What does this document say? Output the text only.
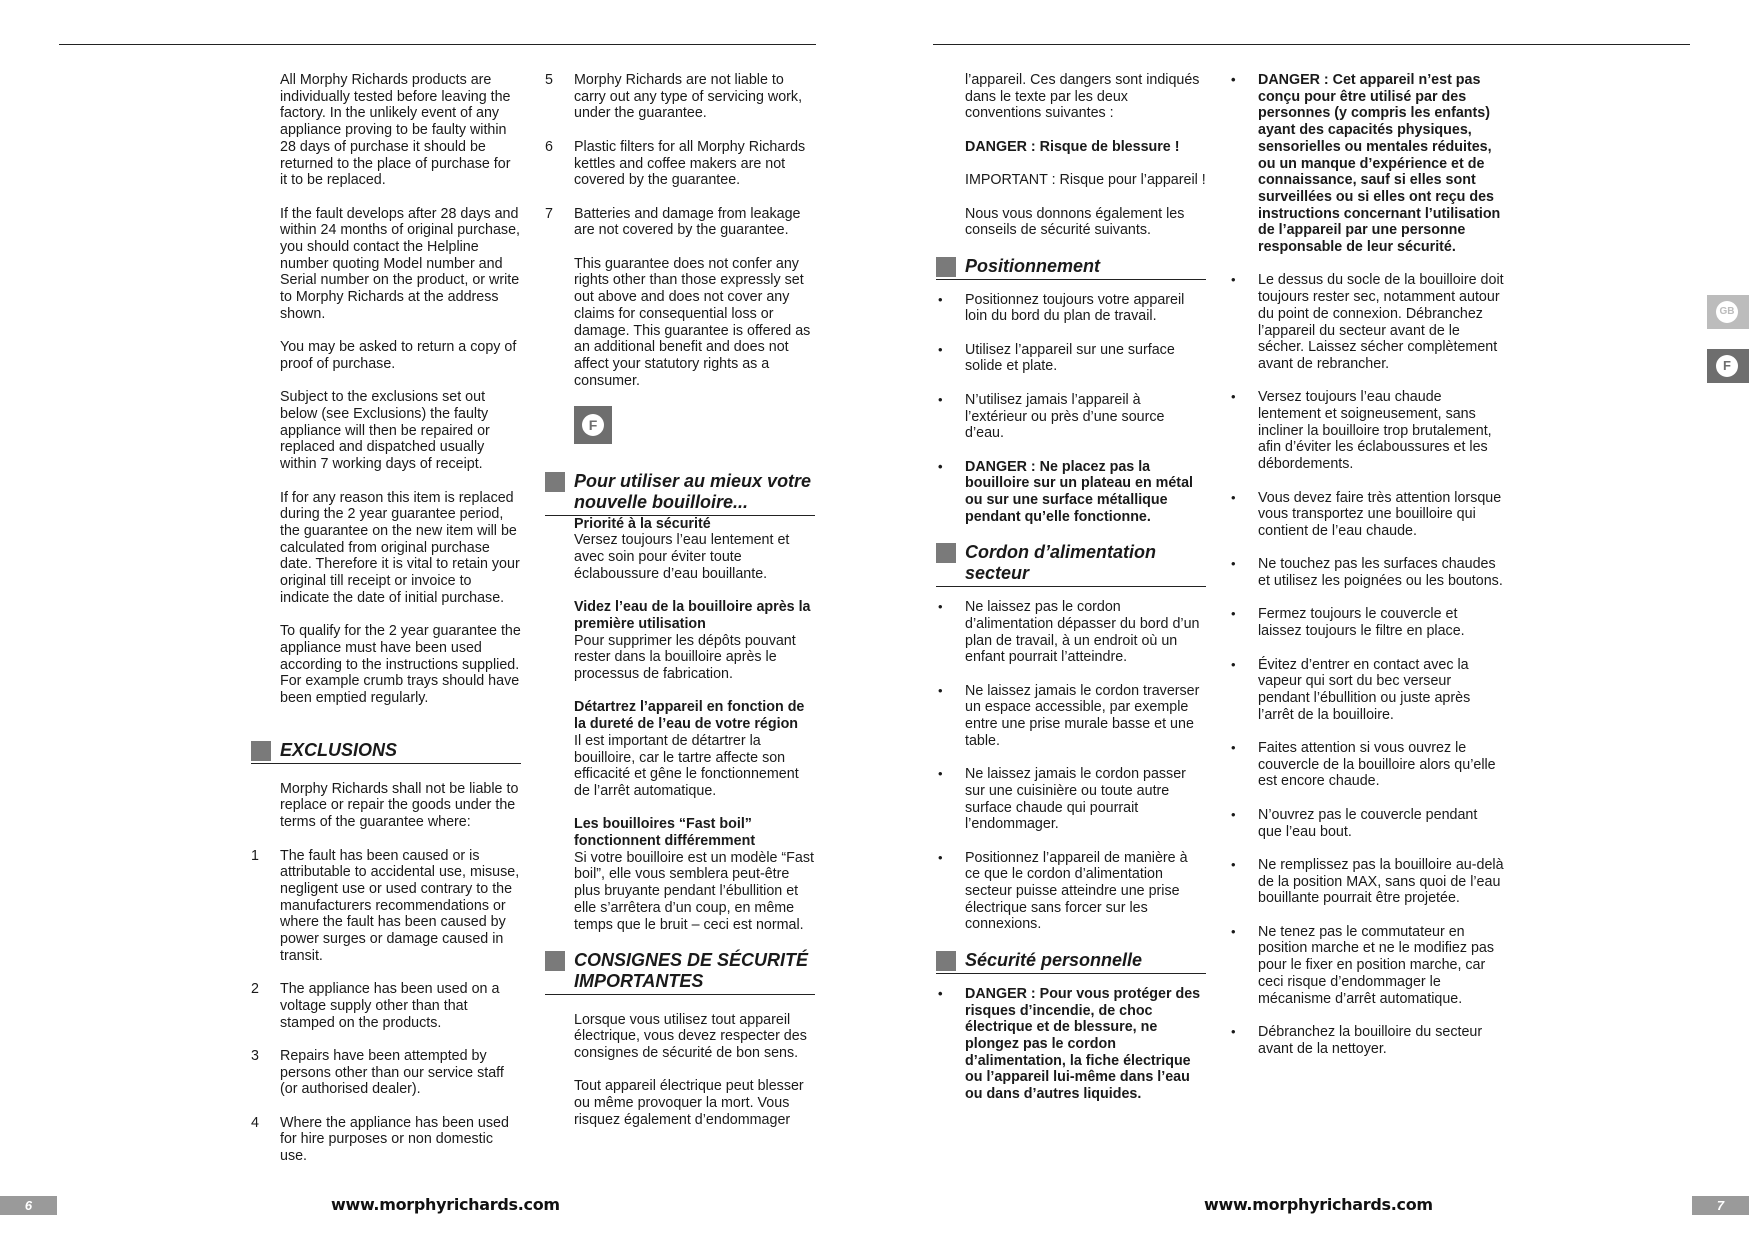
All Morphy Richards products are individually tested before leaving the factory. In the unlikely event of any appliance proving to be faulty within 28 days of purchase it should be returned to the place of purchase for it to be replaced.

If the fault develops after 28 days and within 24 months of original purchase, you should contact the Helpline number quoting Model number and Serial number on the product, or write to Morphy Richards at the address shown.

You may be asked to return a copy of proof of purchase.

Subject to the exclusions set out below (see Exclusions) the faulty appliance will then be repaired or replaced and dispatched usually within 7 working days of receipt.

If for any reason this item is replaced during the 2 year guarantee period, the guarantee on the new item will be calculated from original purchase date. Therefore it is vital to retain your original till receipt or invoice to indicate the date of initial purchase.

To qualify for the 2 year guarantee the appliance must have been used according to the instructions supplied. For example crumb trays should have been emptied regularly.

EXCLUSIONS

Morphy Richards shall not be liable to replace or repair the goods under the terms of the guarantee where:

1 The fault has been caused or is attributable to accidental use, misuse, negligent use or used contrary to the manufacturers recommendations or where the fault has been caused by power surges or damage caused in transit.
2 The appliance has been used on a voltage supply other than that stamped on the products.
3 Repairs have been attempted by persons other than our service staff (or authorised dealer).
4 Where the appliance has been used for hire purposes or non domestic use.
5 Morphy Richards are not liable to carry out any type of servicing work, under the guarantee.
6 Plastic filters for all Morphy Richards kettles and coffee makers are not covered by the guarantee.
7 Batteries and damage from leakage are not covered by the guarantee.

This guarantee does not confer any rights other than those expressly set out above and does not cover any claims for consequential loss or damage. This guarantee is offered as an additional benefit and does not affect your statutory rights as a consumer.

F
Pour utiliser au mieux votre nouvelle bouilloire...
Priorité à la sécurité
Versez toujours l’eau lentement et avec soin pour éviter toute éclaboussure d’eau bouillante.
Videz l’eau de la bouilloire après la première utilisation
Pour supprimer les dépôts pouvant rester dans la bouilloire après le processus de fabrication.
Détartrez l’appareil en fonction de la dureté de l’eau de votre région
Il est important de détartrer la bouilloire, car le tartre affecte son efficacité et gêne le fonctionnement de l’arrêt automatique.
Les bouilloires “Fast boil” fonctionnent différemment
Si votre bouilloire est un modèle “Fast boil”, elle vous semblera peut-être plus bruyante pendant l’ébullition et elle s’arrêtera d’un coup, en même temps que le bruit – ceci est normal.
CONSIGNES DE SÉCURITÉ IMPORTANTES

Lorsque vous utilisez tout appareil électrique, vous devez respecter des consignes de sécurité de bon sens.

Tout appareil électrique peut blesser ou même provoquer la mort. Vous risquez également d’endommager

l’appareil. Ces dangers sont indiqués dans le texte par les deux conventions suivantes :

DANGER : Risque de blessure !

IMPORTANT : Risque pour l’appareil !

Nous vous donnons également les conseils de sécurité suivants.

Positionnement
• Positionnez toujours votre appareil loin du bord du plan de travail.
• Utilisez l’appareil sur une surface solide et plate.
• N’utilisez jamais l’appareil à l’extérieur ou près d’une source d’eau.
• DANGER : Ne placez pas la bouilloire sur un plateau en métal ou sur une surface métallique pendant qu’elle fonctionne.
Cordon d’alimentation secteur
• Ne laissez pas le cordon d’alimentation dépasser du bord d’un plan de travail, à un endroit où un enfant pourrait l’atteindre.
• Ne laissez jamais le cordon traverser un espace accessible, par exemple entre une prise murale basse et une table.
• Ne laissez jamais le cordon passer sur une cuisinière ou toute autre surface chaude qui pourrait l’endommager.
• Positionnez l’appareil de manière à ce que le cordon d’alimentation secteur puisse atteindre une prise électrique sans forcer sur les connexions.
Sécurité personnelle
• DANGER : Pour vous protéger des risques d’incendie, de choc électrique et de blessure, ne plongez pas le cordon d’alimentation, la fiche électrique ou l’appareil lui-même dans l’eau ou dans d’autres liquides.
• DANGER : Cet appareil n’est pas conçu pour être utilisé par des personnes (y compris les enfants) ayant des capacités physiques, sensorielles ou mentales réduites, ou un manque d’expérience et de connaissance, sauf si elles sont surveillées ou si elles ont reçu des instructions concernant l’utilisation de l’appareil par une personne responsable de leur sécurité.
• Le dessus du socle de la bouilloire doit toujours rester sec, notamment autour du point de connexion. Débranchez l’appareil du secteur avant de le sécher. Laissez sécher complètement avant de rebrancher.
• Versez toujours l’eau chaude lentement et soigneusement, sans incliner la bouilloire trop brutalement, afin d’éviter les éclaboussures et les débordements.
• Vous devez faire très attention lorsque vous transportez une bouilloire qui contient de l’eau chaude.
• Ne touchez pas les surfaces chaudes et utilisez les poignées ou les boutons.
• Fermez toujours le couvercle et laissez toujours le filtre en place.
• Évitez d’entrer en contact avec la vapeur qui sort du bec verseur pendant l’ébullition ou juste après l’arrêt de la bouilloire.
• Faites attention si vous ouvrez le couvercle de la bouilloire alors qu’elle est encore chaude.
• N’ouvrez pas le couvercle pendant que l’eau bout.
• Ne remplissez pas la bouilloire au-delà de la position MAX, sans quoi de l’eau bouillante pourrait être projetée.
• Ne tenez pas le commutateur en position marche et ne le modifiez pas pour le fixer en position marche, car ceci risque d’endommager le mécanisme d’arrêt automatique.
• Débranchez la bouilloire du secteur avant de la nettoyer.
GB
F
6	www.morphyrichards.com	www.morphyrichards.com	7
